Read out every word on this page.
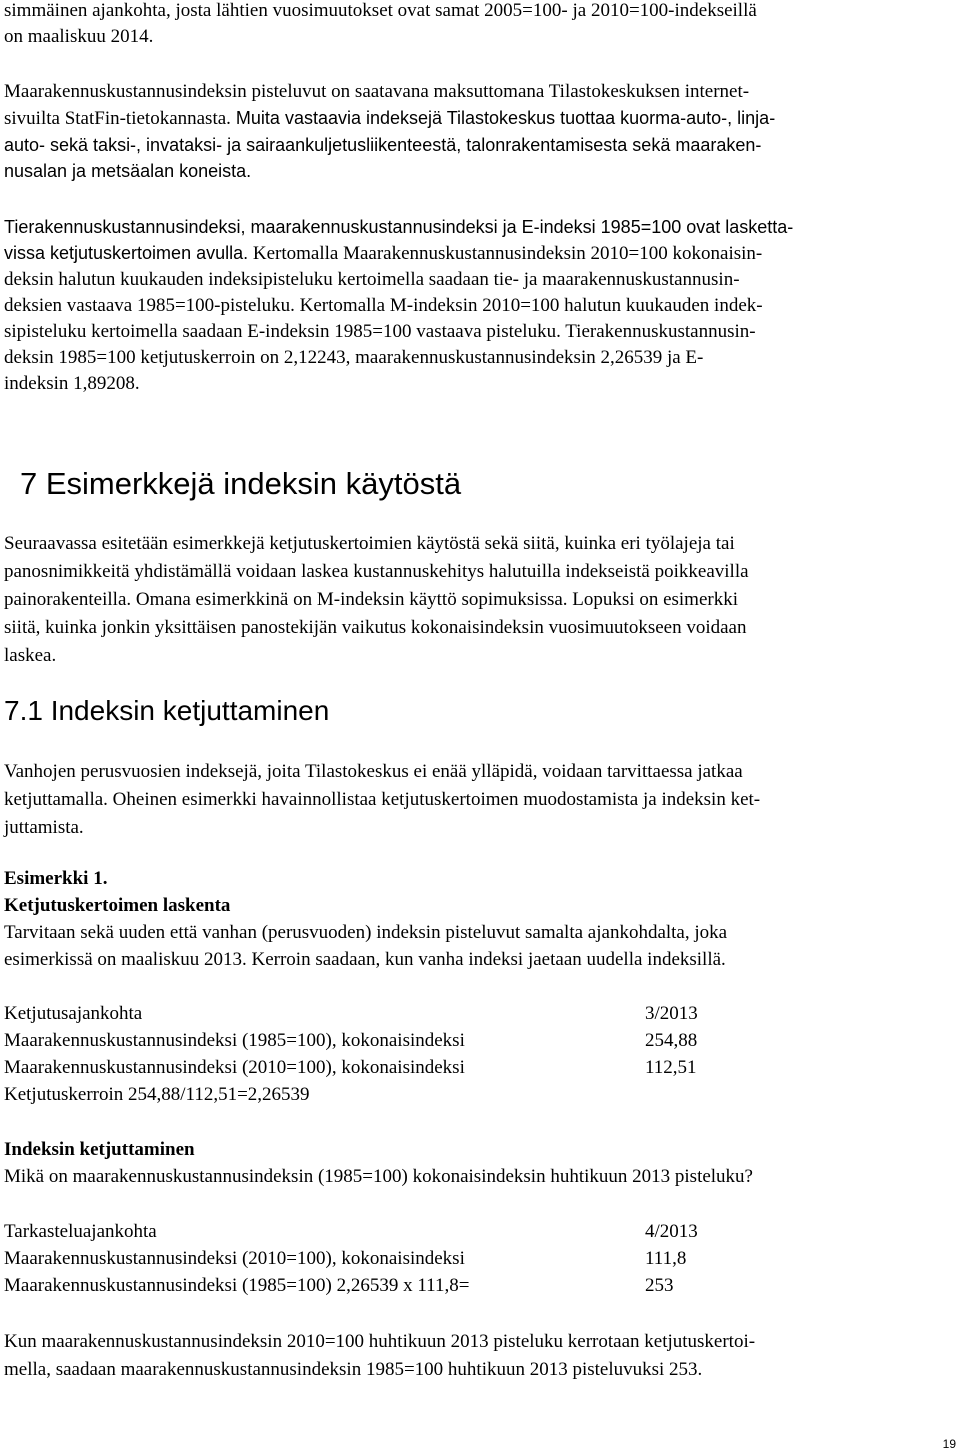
simmäinen ajankohta, josta lähtien vuosimuutokset ovat samat 2005=100- ja 2010=100-indekseillä
on maaliskuu 2014.

Maarakennuskustannusindeksin pisteluvut on saatavana maksuttomana Tilastokeskuksen internet-
sivuilta StatFin-tietokannasta. Muita vastaavia indeksejä Tilastokeskus tuottaa kuorma-auto-, linja-
auto- sekä taksi-, invataksi- ja sairaankuljetusliikenteestä, talonrakentamisesta sekä maaraken-
nusalan ja metsäalan koneista.

Tierakennuskustannusindeksi, maarakennuskustannusindeksi ja E-indeksi 1985=100 ovat laskettа-
vissa ketjutuskertoimen avulla. Kertomalla Maarakennuskustannusindeksin 2010=100 kokonaisin-
deksin halutun kuukauden indeksipisteluku kertoimella saadaan tie- ja maarakennuskustannusin-
deksien vastaava 1985=100-pisteluku. Kertomalla M-indeksin 2010=100 halutun kuukauden indek-
sipisteluku kertoimella saadaan E-indeksin 1985=100 vastaava pisteluku. Tierakennuskustannusin-
deksin 1985=100 ketjutuskerroin on 2,12243, maarakennuskustannusindeksin 2,26539 ja E-
indeksin 1,89208.

7 Esimerkkejä indeksin käytöstä

Seuraavassa esitetään esimerkkejä ketjutuskertoimien käytöstä sekä siitä, kuinka eri työlajeja tai
panosnimikkeitä yhdistämällä voidaan laskea kustannuskehitys halutuilla indekseistä poikkeavilla
painorakenteilla. Omana esimerkkinä on M-indeksin käyttö sopimuksissa. Lopuksi on esimerkki
siitä, kuinka jonkin yksittäisen panostekijän vaikutus kokonaisindeksin vuosimuutokseen voidaan
laskea.

7.1 Indeksin ketjuttaminen

Vanhojen perusvuosien indeksejä, joita Tilastokeskus ei enää ylläpidä, voidaan tarvittaessa jatkaa
ketjuttamalla. Oheinen esimerkki havainnollistaa ketjutuskertoimen muodostamista ja indeksin ket-
juttamista.

Esimerkki 1.

Ketjutuskertoimen laskenta

Tarvitaan sekä uuden että vanhan (perusvuoden) indeksin pisteluvut samalta ajankohdalta, joka
esimerkissä on maaliskuu 2013. Kerroin saadaan, kun vanha indeksi jaetaan uudella indeksillä.

Ketjutusajankohta	3/2013
Maarakennuskustannusindeksi (1985=100), kokonaisindeksi	254,88
Maarakennuskustannusindeksi (2010=100), kokonaisindeksi	112,51
Ketjutuskerroin 254,88/112,51=2,26539

Indeksin ketjuttaminen

Mikä on maarakennuskustannusindeksin (1985=100) kokonaisindeksin huhtikuun 2013 pisteluku?

Tarkasteluajankohta	4/2013
Maarakennuskustannusindeksi (2010=100), kokonaisindeksi	111,8
Maarakennuskustannusindeksi (1985=100) 2,26539 x 111,8=	253

Kun maarakennuskustannusindeksin 2010=100 huhtikuun 2013 pisteluku kerrotaan ketjutuskertoi-
mella, saadaan maarakennuskustannusindeksin 1985=100 huhtikuun 2013 pisteluvuksi 253.

19
